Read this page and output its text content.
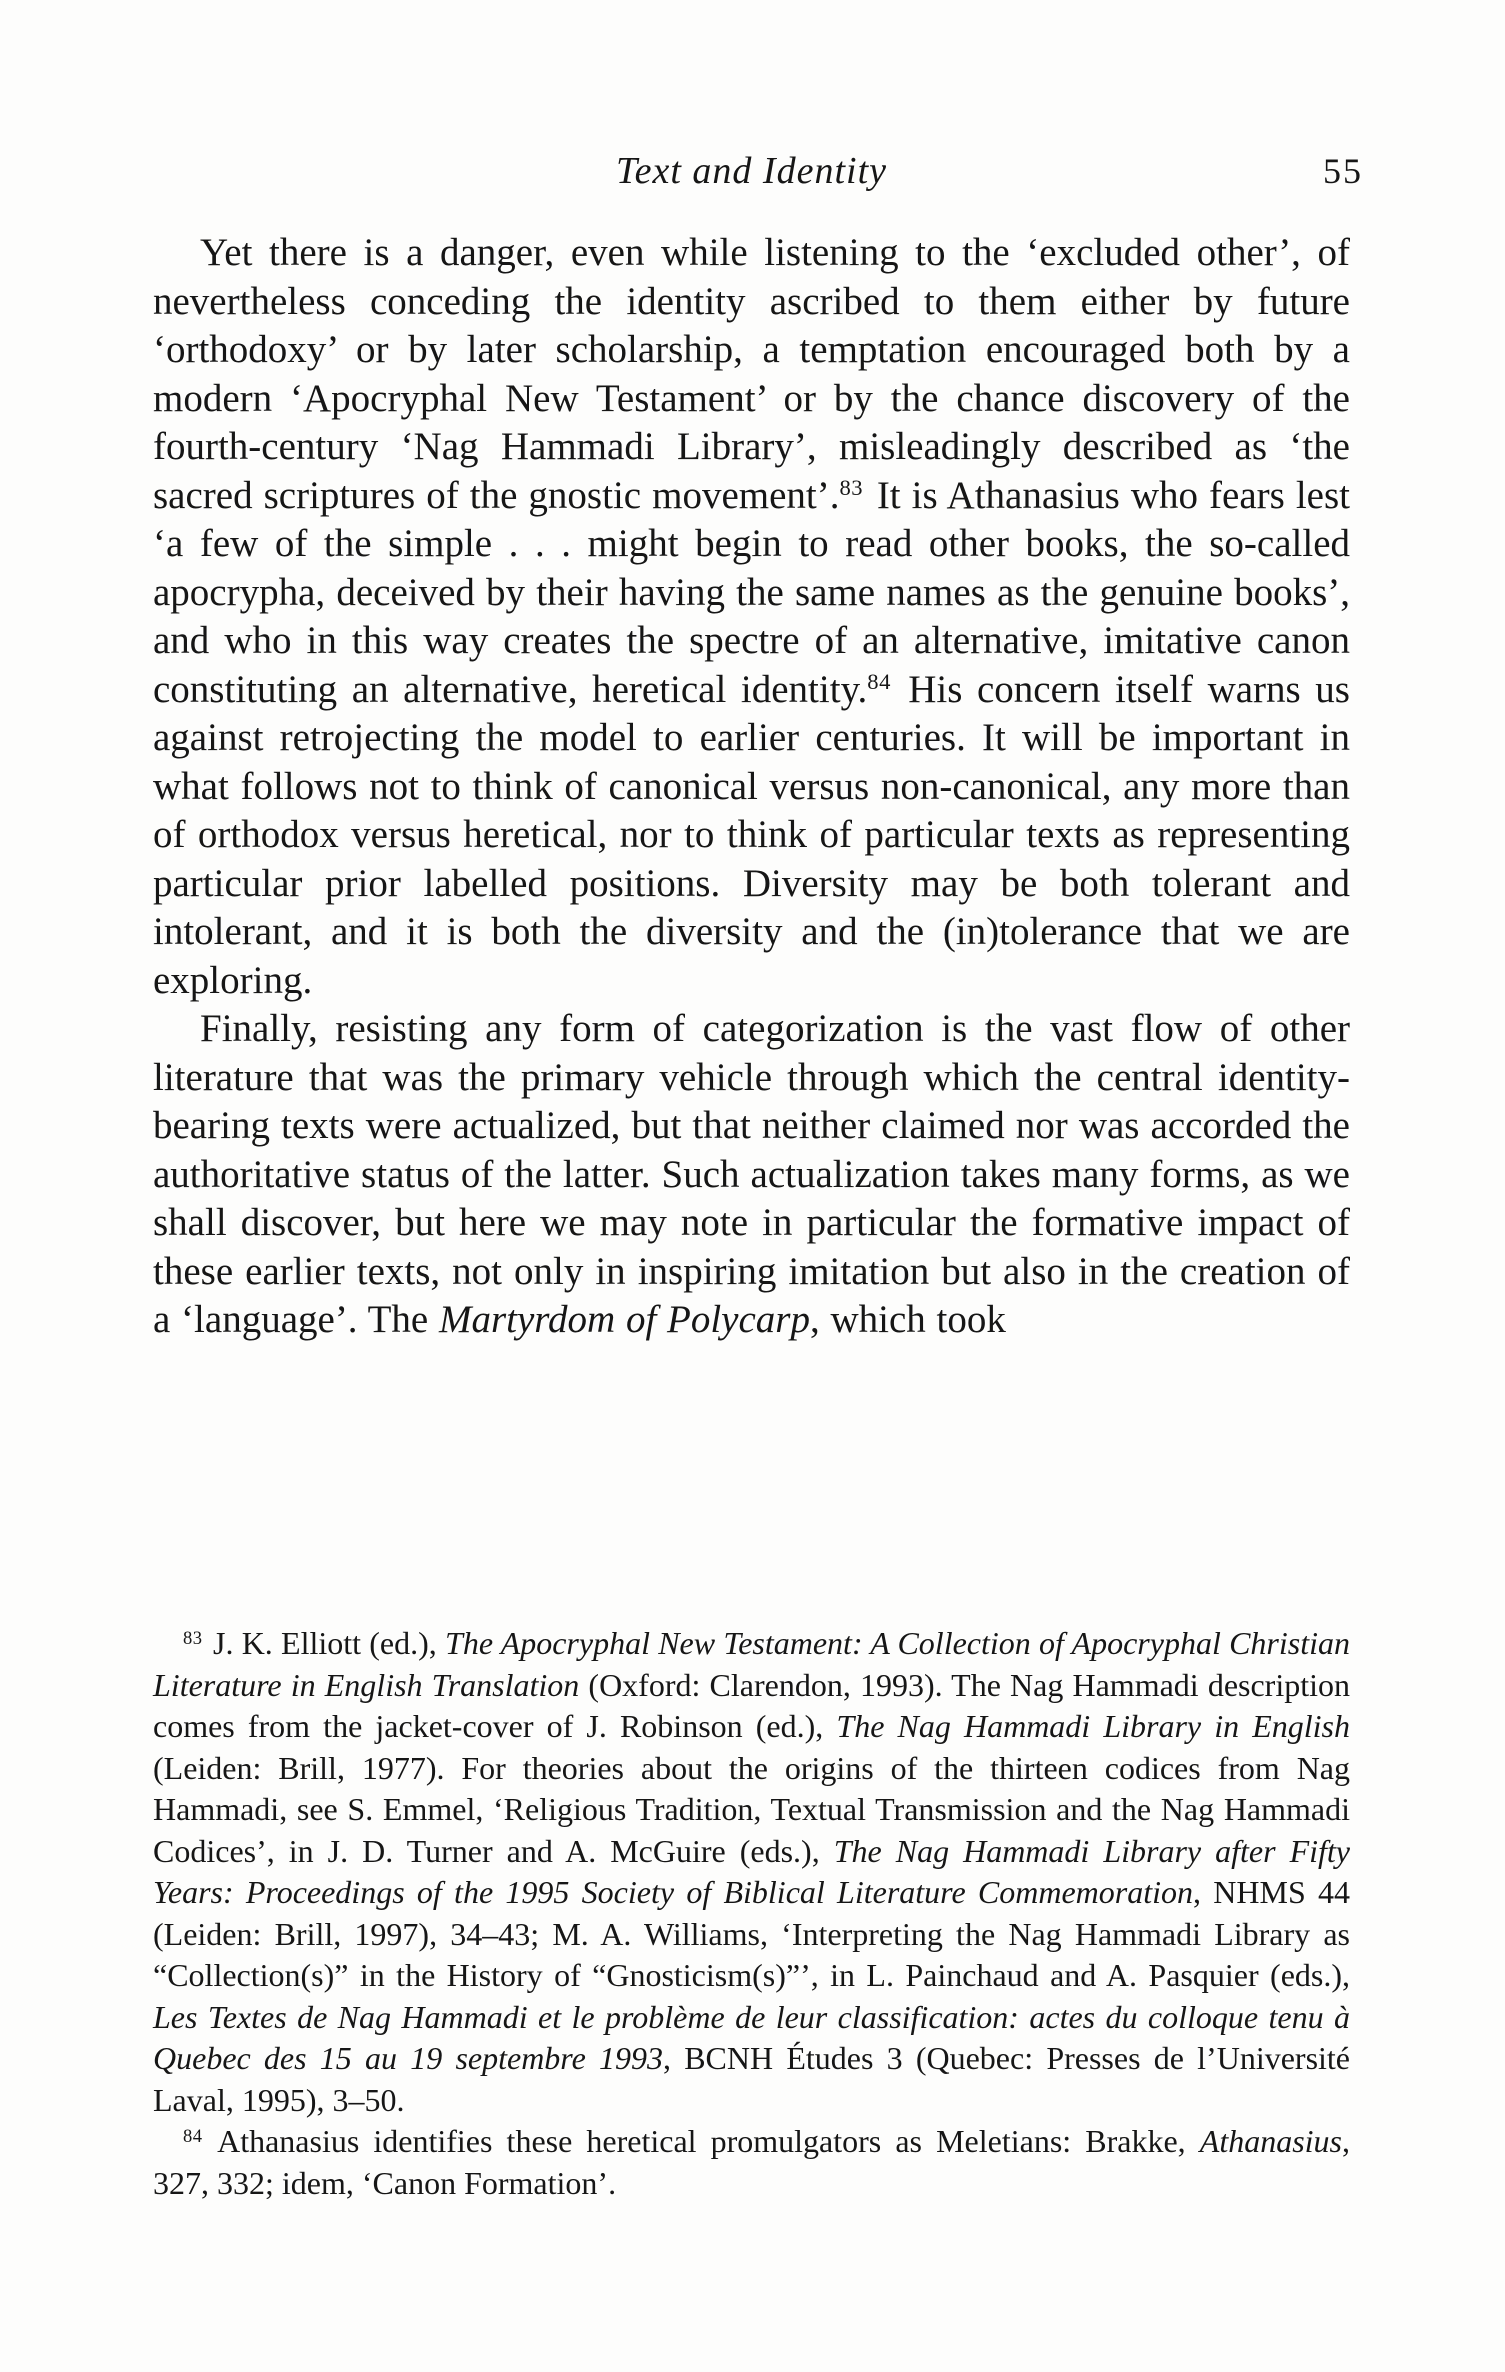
Text and Identity	55

Yet there is a danger, even while listening to the ‘excluded other’, of nevertheless conceding the identity ascribed to them either by future ‘orthodoxy’ or by later scholarship, a temptation encouraged both by a modern ‘Apocryphal New Testament’ or by the chance discovery of the fourth-century ‘Nag Hammadi Library’, misleadingly described as ‘the sacred scriptures of the gnostic movement’.$^{83}$ It is Athanasius who fears lest ‘a few of the simple . . . might begin to read other books, the so-called apocrypha, deceived by their having the same names as the genuine books’, and who in this way creates the spectre of an alternative, imitative canon constituting an alternative, heretical identity.$^{84}$ His concern itself warns us against retrojecting the model to earlier centuries. It will be important in what follows not to think of canonical versus non-canonical, any more than of orthodox versus heretical, nor to think of particular texts as representing particular prior labelled positions. Diversity may be both tolerant and intolerant, and it is both the diversity and the (in)tolerance that we are exploring.

Finally, resisting any form of categorization is the vast flow of other literature that was the primary vehicle through which the central identity-bearing texts were actualized, but that neither claimed nor was accorded the authoritative status of the latter. Such actualization takes many forms, as we shall discover, but here we may note in particular the formative impact of these earlier texts, not only in inspiring imitation but also in the creation of a ‘language’. The Martyrdom of Polycarp, which took

$^{83}$ J. K. Elliott (ed.), The Apocryphal New Testament: A Collection of Apocryphal Christian Literature in English Translation (Oxford: Clarendon, 1993). The Nag Hammadi description comes from the jacket-cover of J. Robinson (ed.), The Nag Hammadi Library in English (Leiden: Brill, 1977). For theories about the origins of the thirteen codices from Nag Hammadi, see S. Emmel, ‘Religious Tradition, Textual Transmission and the Nag Hammadi Codices’, in J. D. Turner and A. McGuire (eds.), The Nag Hammadi Library after Fifty Years: Proceedings of the 1995 Society of Biblical Literature Commemoration, NHMS 44 (Leiden: Brill, 1997), 34–43; M. A. Williams, ‘Interpreting the Nag Hammadi Library as “Collection(s)” in the History of “Gnosticism(s)”’, in L. Painchaud and A. Pasquier (eds.), Les Textes de Nag Hammadi et le problème de leur classification: actes du colloque tenu à Quebec des 15 au 19 septembre 1993, BCNH Études 3 (Quebec: Presses de l’Université Laval, 1995), 3–50.

$^{84}$ Athanasius identifies these heretical promulgators as Meletians: Brakke, Athanasius, 327, 332; idem, ‘Canon Formation’.
